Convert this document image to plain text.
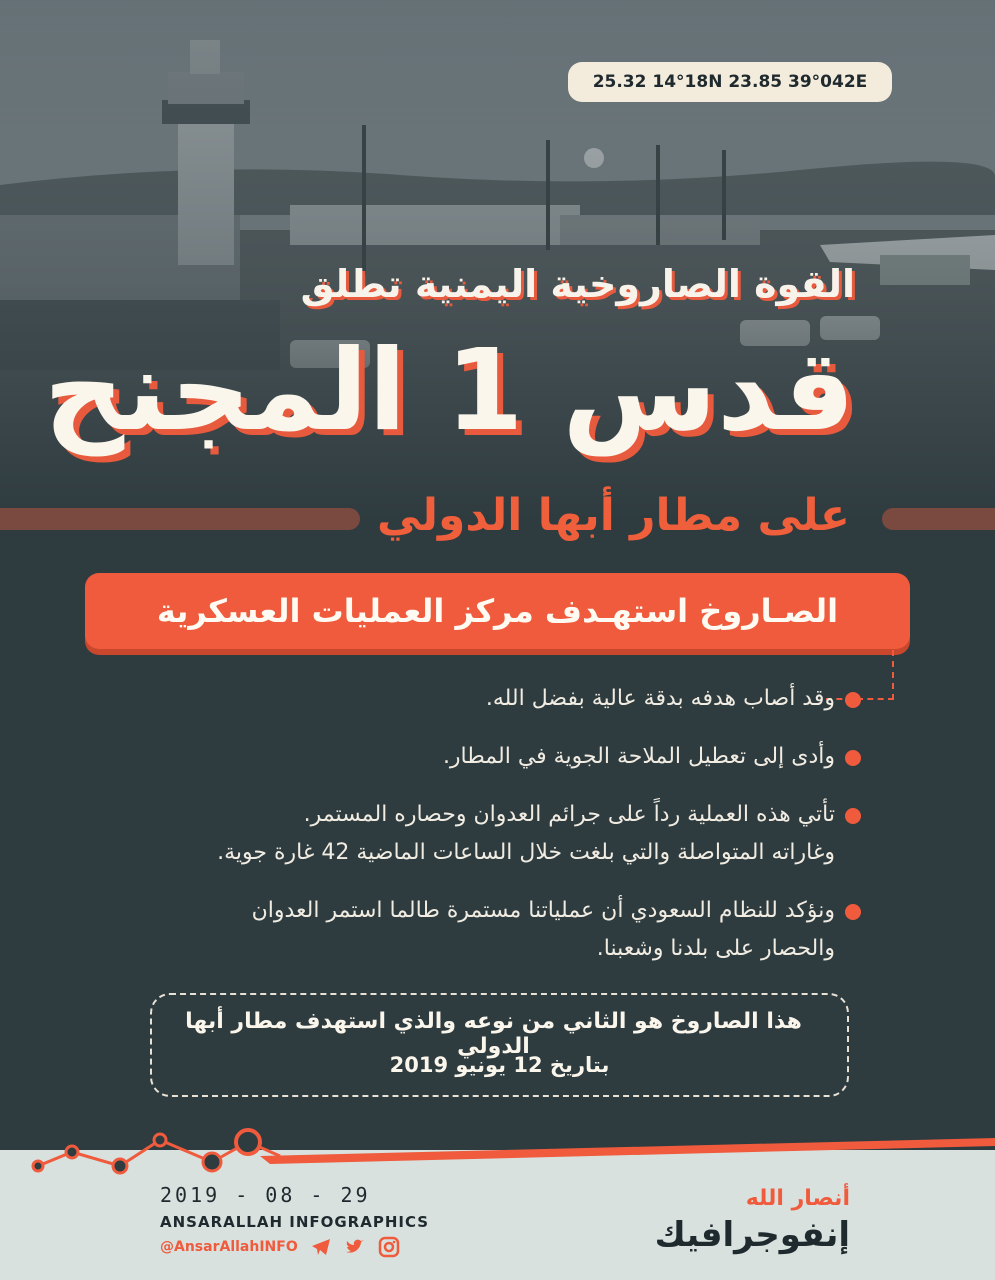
25.32 14°18N 23.85 39°042E
القوة الصاروخية اليمنية تطلق
قدس 1 المجنح
على مطار أبها الدولي
الصـاروخ استهـدف مركز العمليات العسكرية

وقد أصاب هدفه بدقة عالية بفضل الله.

وأدى إلى تعطيل الملاحة الجوية في المطار.

تأتي هذه العملية رداً على جرائم العدوان وحصاره المستمر.

وغاراته المتواصلة والتي بلغت خلال الساعات الماضية 42 غارة جوية.

ونؤكد للنظام السعودي أن عملياتنا مستمرة طالما استمر العدوان

والحصار على بلدنا وشعبنا.

هذا الصاروخ هو الثاني من نوعه والذي استهدف مطار أبها الدولي
بتاريخ 12 يونيو 2019
2019 - 08 - 29
ANSARALLAH INFOGRAPHICS
@AnsarAllahINFO
أنصار الله
إنفوجرافيك
